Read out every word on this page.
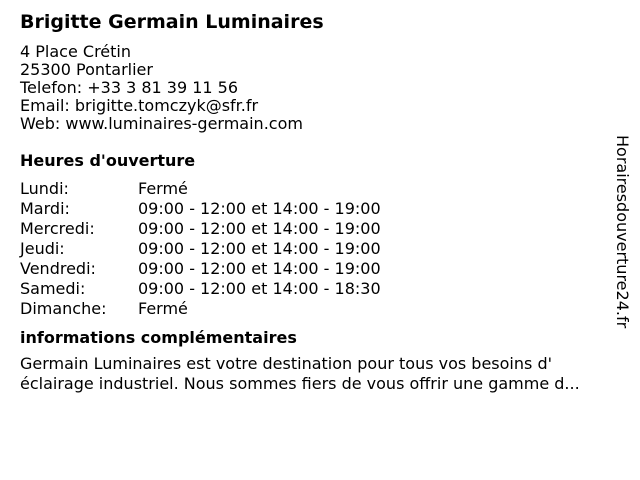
Brigitte Germain Luminaires
4 Place Crétin
25300 Pontarlier
Telefon: +33 3 81 39 11 56
Email: brigitte.tomczyk@sfr.fr
Web: www.luminaires-germain.com
Heures d'ouverture
Lundi:	Fermé
Mardi:	09:00 - 12:00 et 14:00 - 19:00
Mercredi:	09:00 - 12:00 et 14:00 - 19:00
Jeudi:	09:00 - 12:00 et 14:00 - 19:00
Vendredi:	09:00 - 12:00 et 14:00 - 19:00
Samedi:	09:00 - 12:00 et 14:00 - 18:30
Dimanche:	Fermé
informations complémentaires
Germain Luminaires est votre destination pour tous vos besoins d'
éclairage industriel. Nous sommes fiers de vous offrir une gamme d...
Horairesdouverture24.fr
